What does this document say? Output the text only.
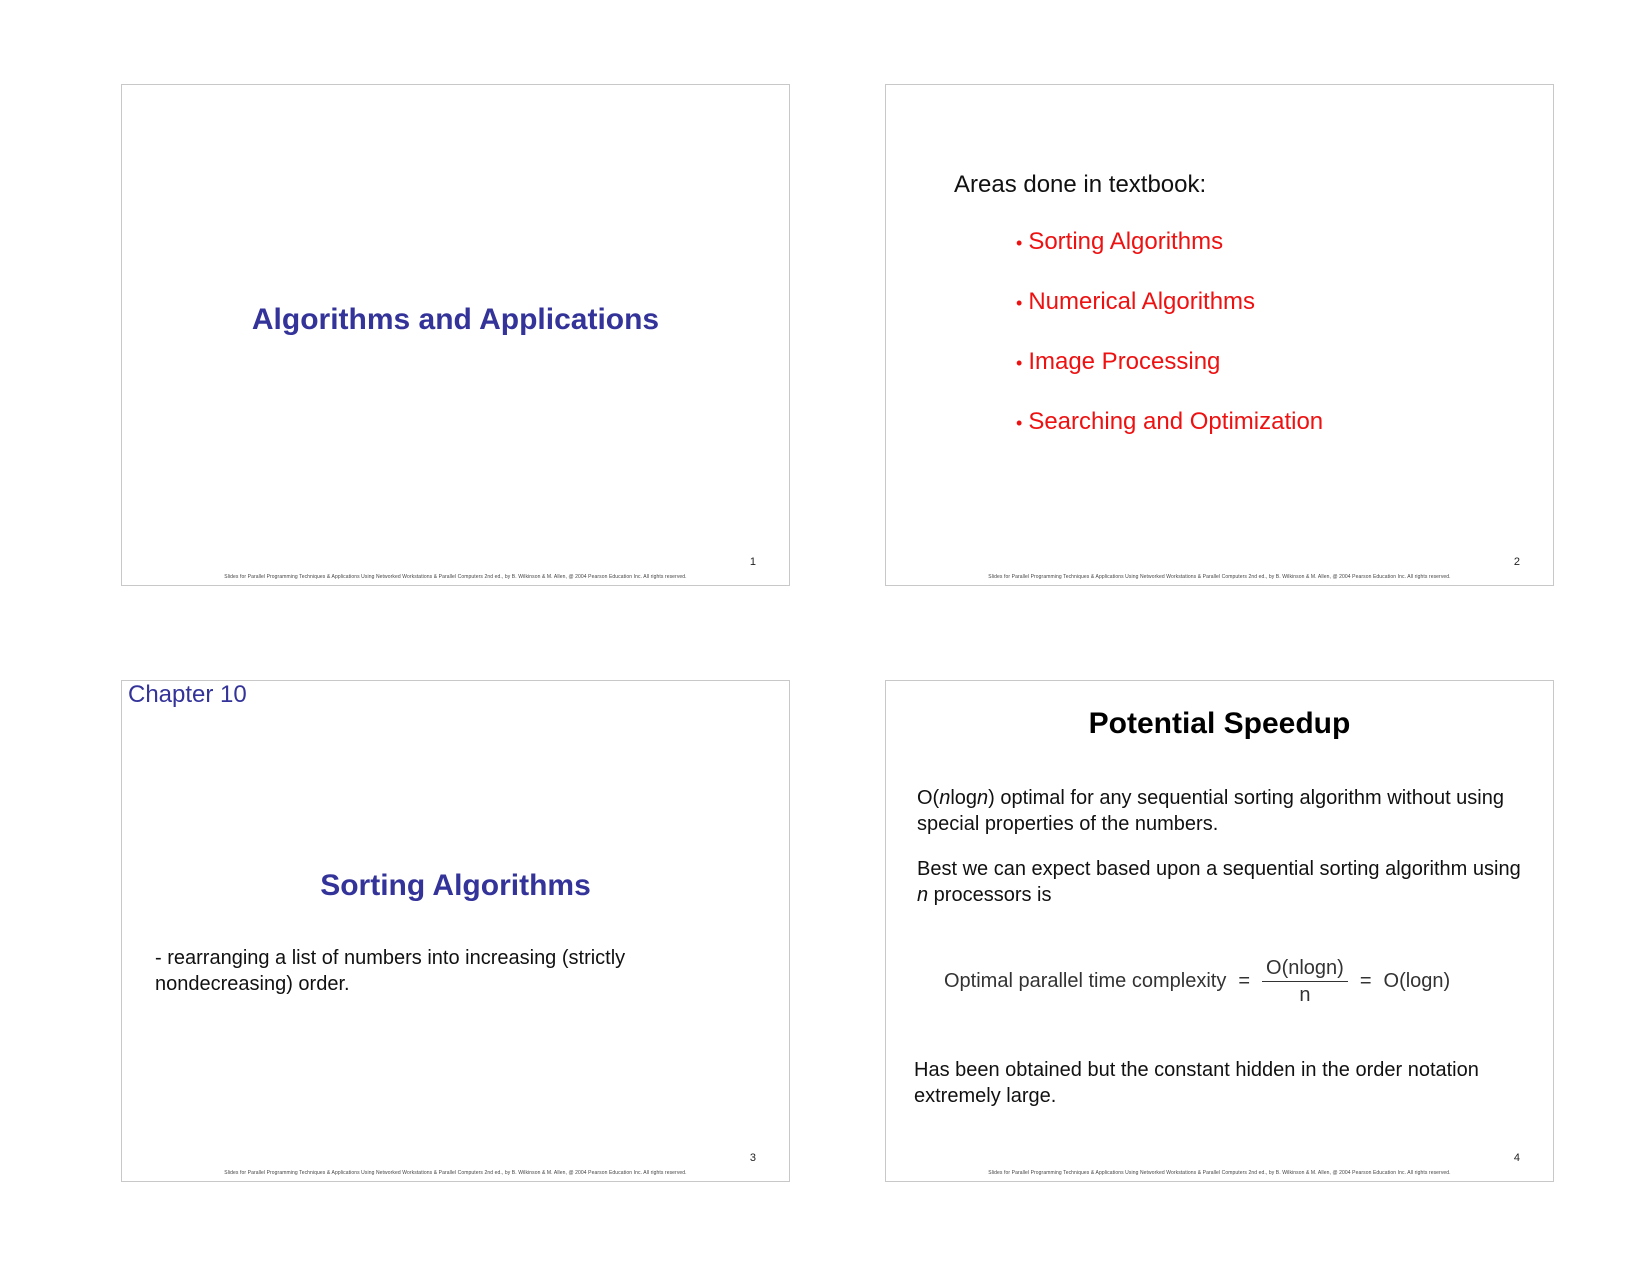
Algorithms and Applications
1
Slides for Parallel Programming Techniques & Applications Using Networked Workstations & Parallel Computers 2nd ed., by B. Wilkinson & M. Allen, @ 2004 Pearson Education Inc. All rights reserved.
Areas done in textbook:
• Sorting Algorithms
• Numerical Algorithms
• Image Processing
• Searching and Optimization
2
Slides for Parallel Programming Techniques & Applications Using Networked Workstations & Parallel Computers 2nd ed., by B. Wilkinson & M. Allen, @ 2004 Pearson Education Inc. All rights reserved.
Chapter 10
Sorting Algorithms
- rearranging a list of numbers into increasing (strictly nondecreasing) order.
3
Slides for Parallel Programming Techniques & Applications Using Networked Workstations & Parallel Computers 2nd ed., by B. Wilkinson & M. Allen, @ 2004 Pearson Education Inc. All rights reserved.
Potential Speedup
O(nlogn) optimal for any sequential sorting algorithm without using special properties of the numbers.
Best we can expect based upon a sequential sorting algorithm using n processors is
Optimal parallel time complexity = $\frac{O(nlogn)}{n} = O(\log n)$
Has been obtained but the constant hidden in the order notation extremely large.
4
Slides for Parallel Programming Techniques & Applications Using Networked Workstations & Parallel Computers 2nd ed., by B. Wilkinson & M. Allen, @ 2004 Pearson Education Inc. All rights reserved.
